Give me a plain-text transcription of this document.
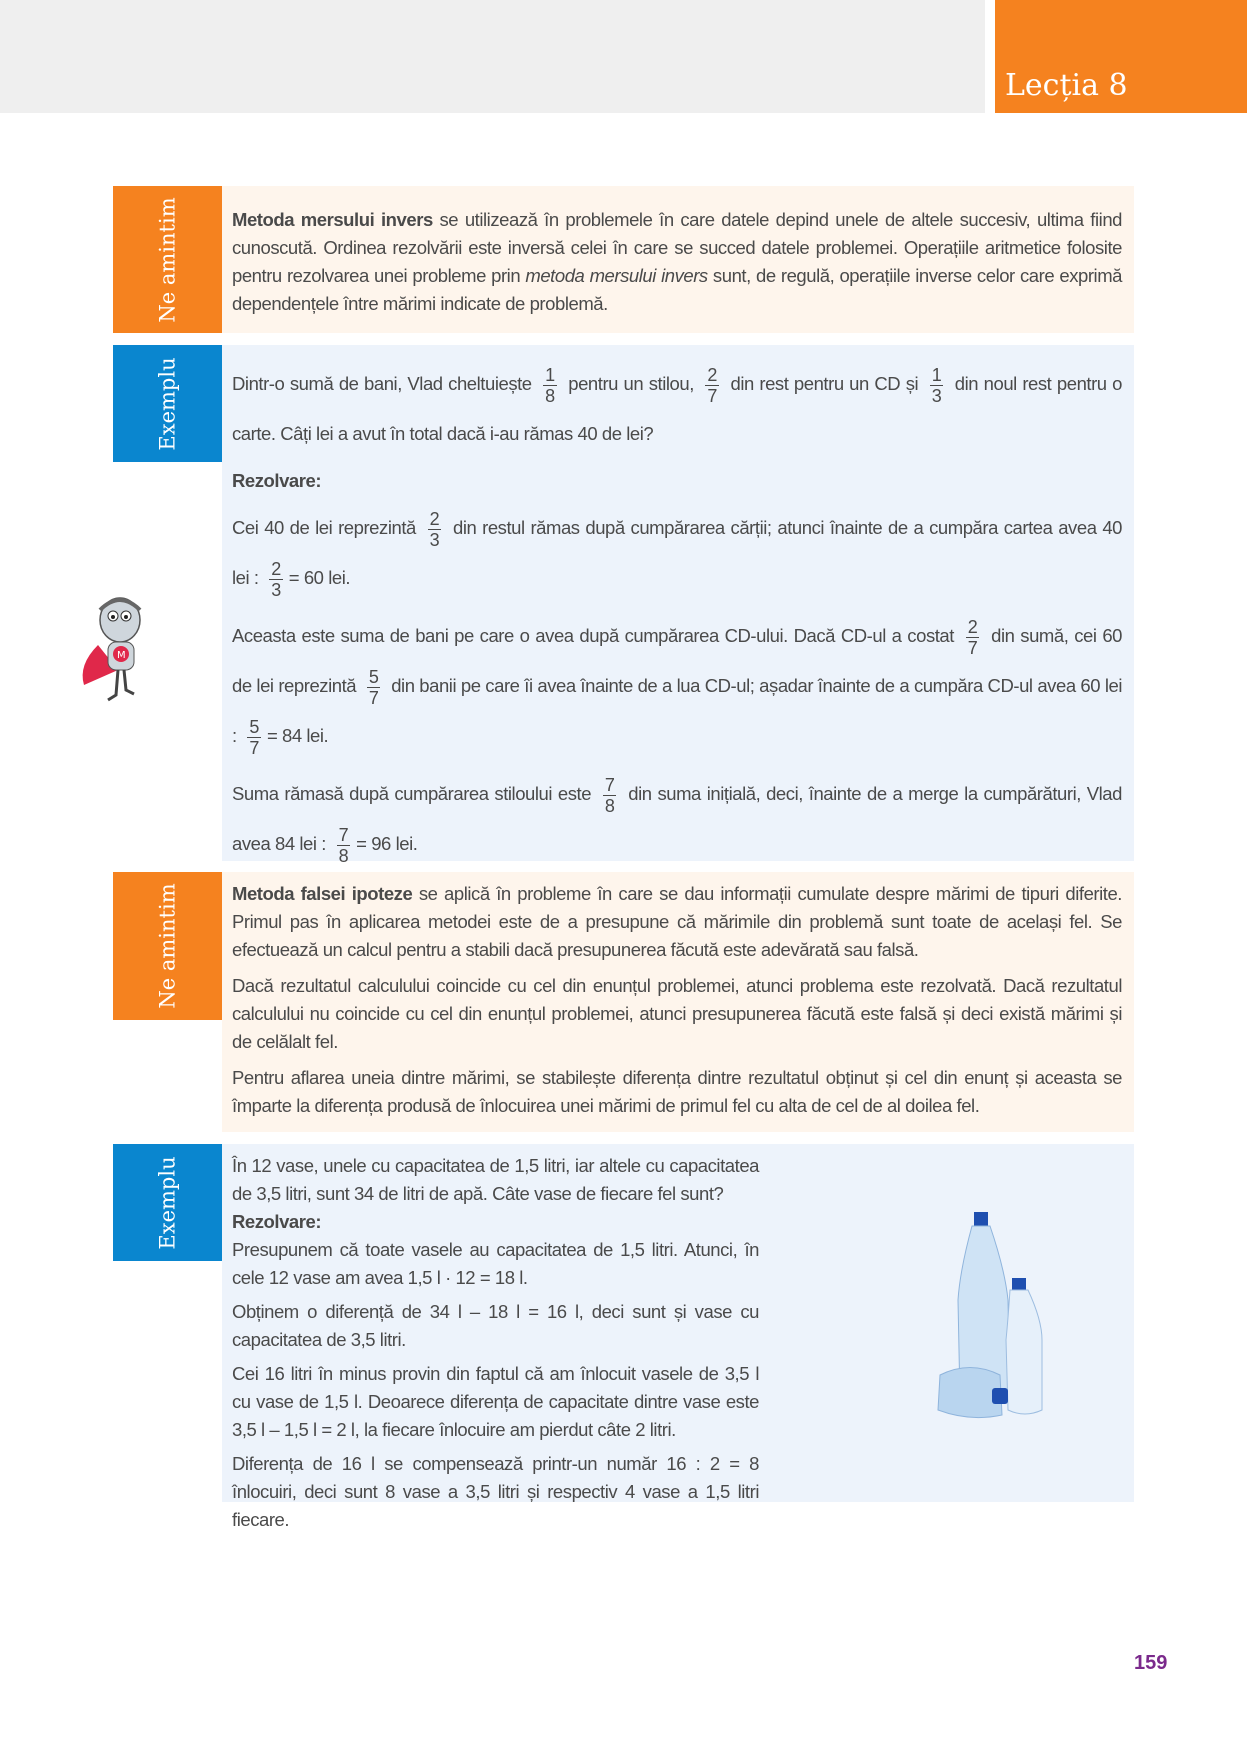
Lecția 8
Ne amintim	Metoda mersului invers se utilizează în problemele în care datele depind unele de altele succesiv, ultima fiind cunoscută. Ordinea rezolvării este inversă celei în care se succed datele problemei. Operațiile aritmetice folosite pentru rezolvarea unei probleme prin metoda mersului invers sunt, de regulă, operațiile inverse celor care exprimă dependențele între mărimi indicate de problemă.

Exemplu	Dintr-o sumă de bani, Vlad cheltuiește $\frac{1}{8}$ pentru un stilou, $\frac{2}{7}$ din rest pentru un CD și $\frac{1}{3}$ din noul rest pentru o carte. Câți lei a avut în total dacă i-au rămas 40 de lei?

Rezolvare:

Cei 40 de lei reprezintă $\frac{2}{3}$ din restul rămas după cumpărarea cărții; atunci înainte de a cumpăra cartea avea 40 lei : $\frac{2}{3} = 60$ lei.

Aceasta este suma de bani pe care o avea după cumpărarea CD-ului. Dacă CD-ul a costat $\frac{2}{7}$ din sumă, cei 60 de lei reprezintă $\frac{5}{7}$ din banii pe care îi avea înainte de a lua CD-ul; așadar înainte de a cumpăra CD-ul avea 60 lei : $\frac{5}{7} = 84$ lei.

Suma rămasă după cumpărarea stiloului este $\frac{7}{8}$ din suma inițială, deci, înainte de a merge la cumpărături, Vlad avea 84 lei : $\frac{7}{8} = 96$ lei.

M
Ne amintim	Metoda falsei ipoteze se aplică în probleme în care se dau informații cumulate despre mărimi de tipuri diferite. Primul pas în aplicarea metodei este de a presupune că mărimile din problemă sunt toate de același fel. Se efectuează un calcul pentru a stabili dacă presupunerea făcută este adevărată sau falsă.

Dacă rezultatul calculului coincide cu cel din enunțul problemei, atunci problema este rezolvată. Dacă rezultatul calculului nu coincide cu cel din enunțul problemei, atunci presupunerea făcută este falsă și deci există mărimi și de celălalt fel.

Pentru aflarea uneia dintre mărimi, se stabilește diferența dintre rezultatul obținut și cel din enunț și aceasta se împarte la diferența produsă de înlocuirea unei mărimi de primul fel cu alta de cel de al doilea fel.

Exemplu	În 12 vase, unele cu capacitatea de 1,5 litri, iar altele cu capacitatea de 3,5 litri, sunt 34 de litri de apă. Câte vase de fiecare fel sunt?

Rezolvare:

Presupunem că toate vasele au capacitatea de 1,5 litri. Atunci, în cele 12 vase am avea 1,5 l · 12 = 18 l.

Obținem o diferență de 34 l – 18 l = 16 l, deci sunt și vase cu capacitatea de 3,5 litri.

Cei 16 litri în minus provin din faptul că am înlocuit vasele de 3,5 l cu vase de 1,5 l. Deoarece diferența de capacitate dintre vase este 3,5 l – 1,5 l = 2 l, la fiecare înlocuire am pierdut câte 2 litri.

Diferența de 16 l se compensează printr-un număr 16 : 2 = 8 înlocuiri, deci sunt 8 vase a 3,5 litri și respectiv 4 vase a 1,5 litri fiecare.

159
